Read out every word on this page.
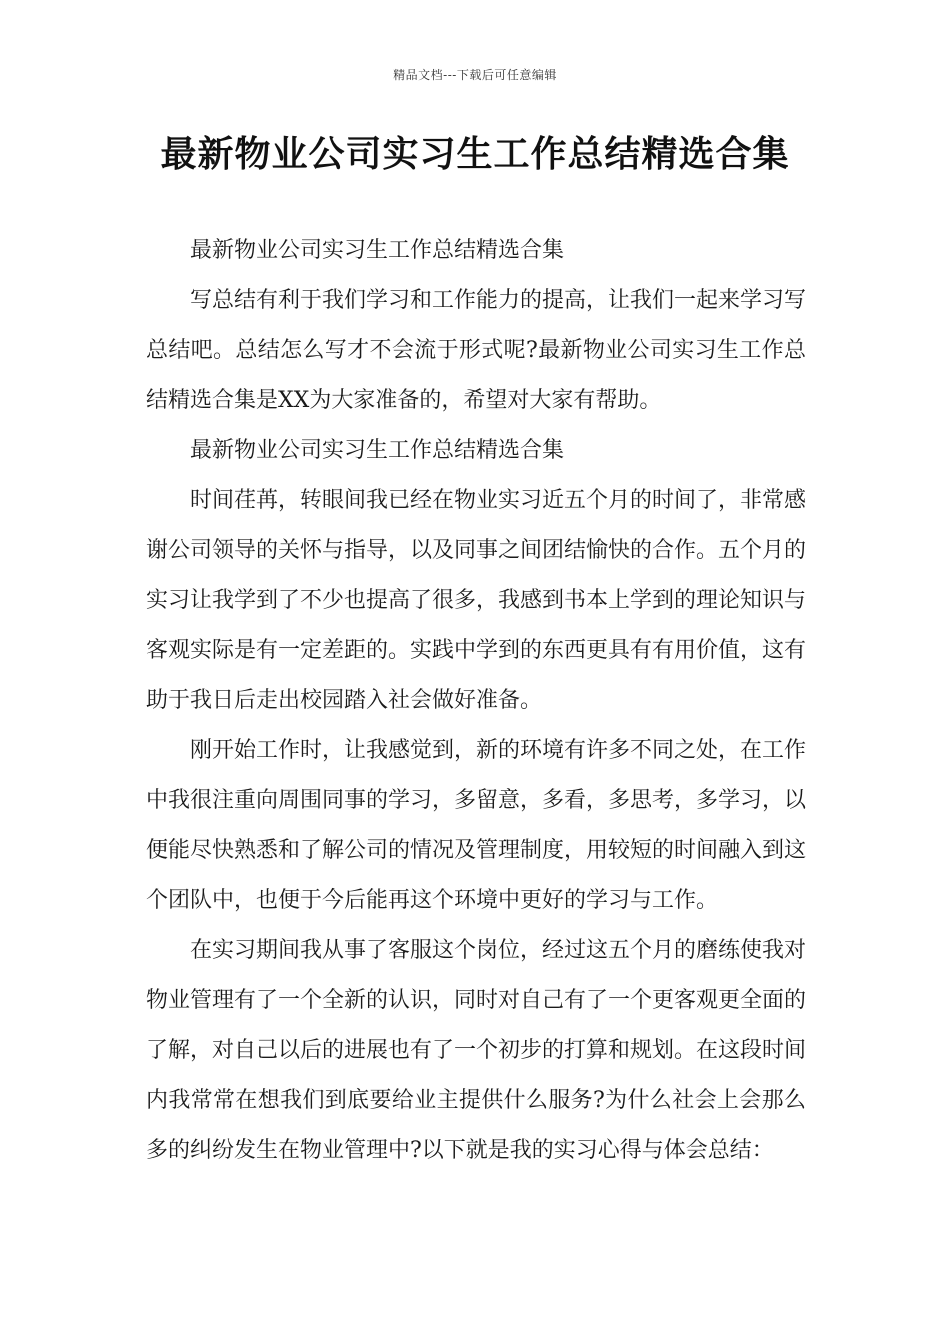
精品文档---下载后可任意编辑
最新物业公司实习生工作总结精选合集

最新物业公司实习生工作总结精选合集

写总结有利于我们学习和工作能力的提高，让我们一起来学习写总结吧。总结怎么写才不会流于形式呢?最新物业公司实习生工作总结精选合集是XX为大家准备的，希望对大家有帮助。

最新物业公司实习生工作总结精选合集

时间荏苒，转眼间我已经在物业实习近五个月的时间了，非常感谢公司领导的关怀与指导，以及同事之间团结愉快的合作。五个月的实习让我学到了不少也提高了很多，我感到书本上学到的理论知识与客观实际是有一定差距的。实践中学到的东西更具有有用价值，这有助于我日后走出校园踏入社会做好准备。

刚开始工作时，让我感觉到，新的环境有许多不同之处，在工作中我很注重向周围同事的学习，多留意，多看，多思考，多学习，以便能尽快熟悉和了解公司的情况及管理制度，用较短的时间融入到这个团队中，也便于今后能再这个环境中更好的学习与工作。

在实习期间我从事了客服这个岗位，经过这五个月的磨练使我对物业管理有了一个全新的认识，同时对自己有了一个更客观更全面的了解，对自己以后的进展也有了一个初步的打算和规划。在这段时间内我常常在想我们到底要给业主提供什么服务?为什么社会上会那么多的纠纷发生在物业管理中?以下就是我的实习心得与体会总结：
